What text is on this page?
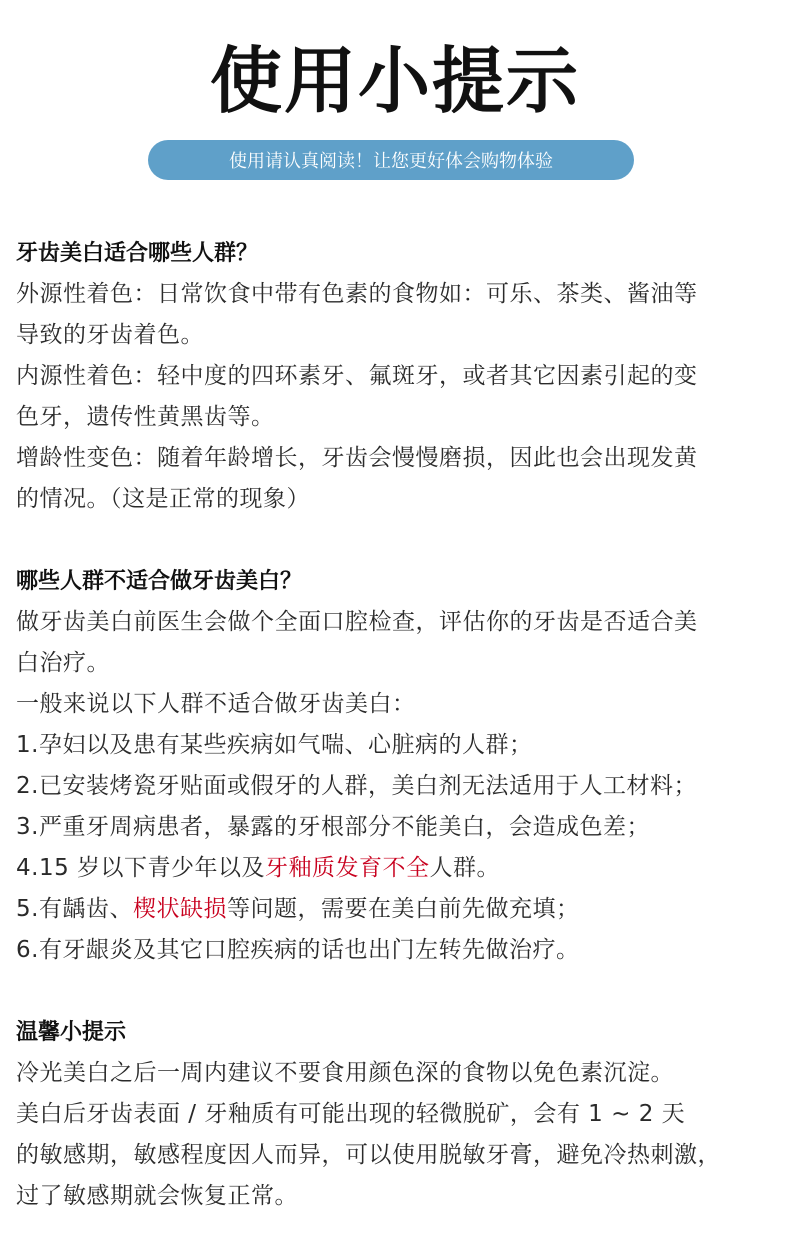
使用小提示
使用请认真阅读！让您更好体会购物体验
牙齿美白适合哪些人群？

外源性着色：日常饮食中带有色素的食物如：可乐、茶类、酱油等

导致的牙齿着色。

内源性着色：轻中度的四环素牙、氟斑牙，或者其它因素引起的变

色牙，遗传性黄黑齿等。

增龄性变色：随着年龄增长，牙齿会慢慢磨损，因此也会出现发黄

的情况。（这是正常的现象）

哪些人群不适合做牙齿美白？

做牙齿美白前医生会做个全面口腔检查，评估你的牙齿是否适合美

白治疗。

一般来说以下人群不适合做牙齿美白：

1.孕妇以及患有某些疾病如气喘、心脏病的人群；

2.已安装烤瓷牙贴面或假牙的人群，美白剂无法适用于人工材料；

3.严重牙周病患者，暴露的牙根部分不能美白，会造成色差；

4.15 岁以下青少年以及牙釉质发育不全人群。

5.有龋齿、楔状缺损等问题，需要在美白前先做充填；

6.有牙龈炎及其它口腔疾病的话也出门左转先做治疗。

温馨小提示

冷光美白之后一周内建议不要食用颜色深的食物以免色素沉淀。

美白后牙齿表面 / 牙釉质有可能出现的轻微脱矿，会有 1 ~ 2 天

的敏感期，敏感程度因人而异，可以使用脱敏牙膏，避免冷热刺激，

过了敏感期就会恢复正常。
